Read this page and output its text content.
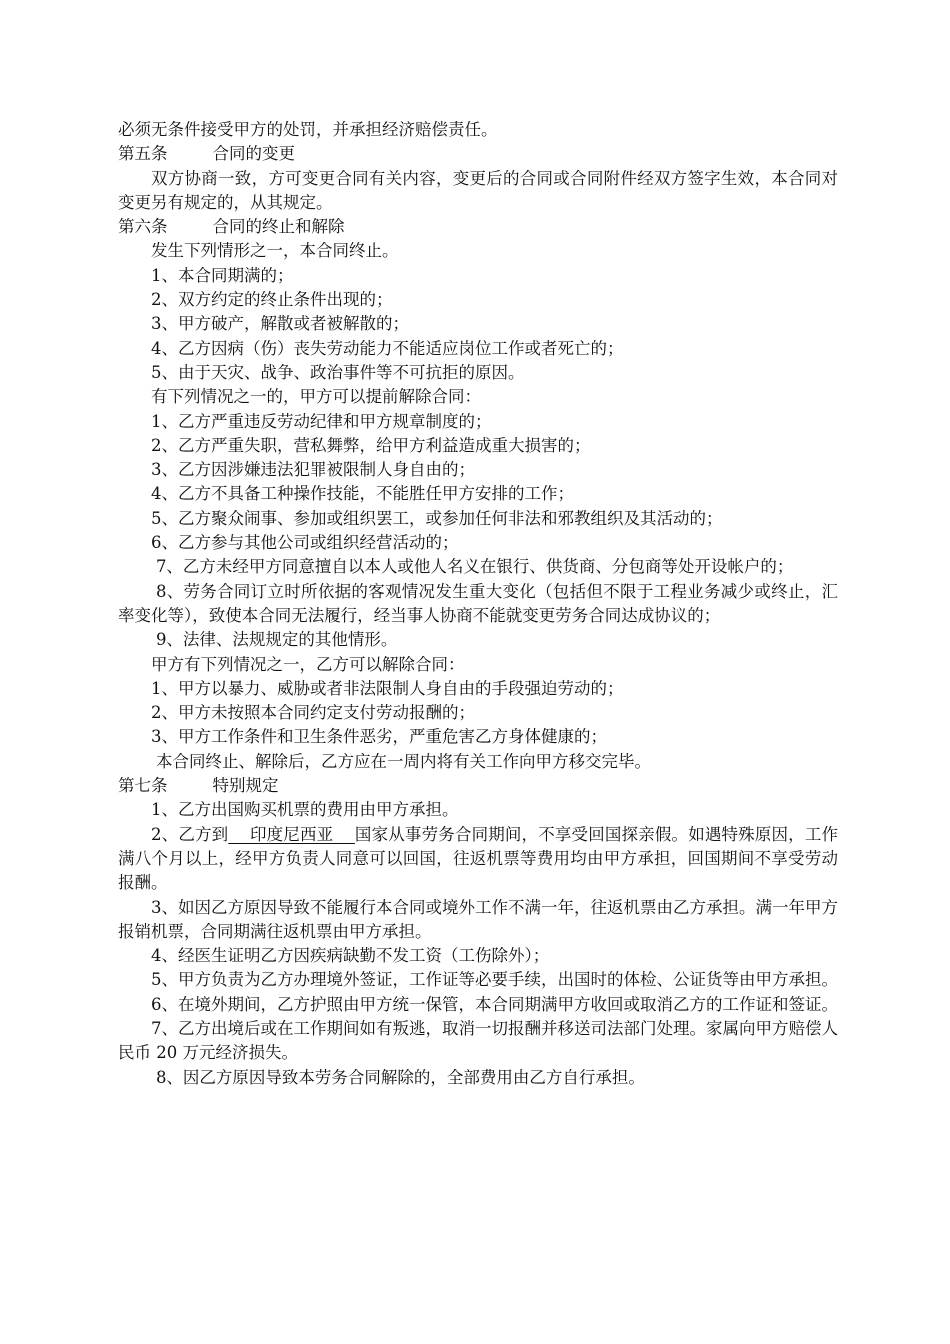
必须无条件接受甲方的处罚，并承担经济赔偿责任。

第五条	合同的变更

双方协商一致，方可变更合同有关内容，变更后的合同或合同附件经双方签字生效，本合同对变更另有规定的，从其规定。

第六条	合同的终止和解除

发生下列情形之一，本合同终止。

1、本合同期满的；

2、双方约定的终止条件出现的；

3、甲方破产，解散或者被解散的；

4、乙方因病（伤）丧失劳动能力不能适应岗位工作或者死亡的；

5、由于天灾、战争、政治事件等不可抗拒的原因。

有下列情况之一的，甲方可以提前解除合同：

1、乙方严重违反劳动纪律和甲方规章制度的；

2、乙方严重失职，营私舞弊，给甲方利益造成重大损害的；

3、乙方因涉嫌违法犯罪被限制人身自由的；

4、乙方不具备工种操作技能，不能胜任甲方安排的工作；

5、乙方聚众闹事、参加或组织罢工，或参加任何非法和邪教组织及其活动的；

6、乙方参与其他公司或组织经营活动的；

7、乙方未经甲方同意擅自以本人或他人名义在银行、供货商、分包商等处开设帐户的；

8、劳务合同订立时所依据的客观情况发生重大变化（包括但不限于工程业务减少或终止，汇率变化等），致使本合同无法履行，经当事人协商不能就变更劳务合同达成协议的；

9、法律、法规规定的其他情形。

甲方有下列情况之一，乙方可以解除合同：

1、甲方以暴力、威胁或者非法限制人身自由的手段强迫劳动的；

2、甲方未按照本合同约定支付劳动报酬的；

3、甲方工作条件和卫生条件恶劣，严重危害乙方身体健康的；

本合同终止、解除后，乙方应在一周内将有关工作向甲方移交完毕。

第七条	特别规定

1、乙方出国购买机票的费用由甲方承担。

2、乙方到    印度尼西亚    国家从事劳务合同期间，不享受回国探亲假。如遇特殊原因，工作满八个月以上，经甲方负责人同意可以回国，往返机票等费用均由甲方承担，回国期间不享受劳动报酬。

3、如因乙方原因导致不能履行本合同或境外工作不满一年，往返机票由乙方承担。满一年甲方报销机票，合同期满往返机票由甲方承担。

4、经医生证明乙方因疾病缺勤不发工资（工伤除外）；

5、甲方负责为乙方办理境外签证，工作证等必要手续，出国时的体检、公证货等由甲方承担。

6、在境外期间，乙方护照由甲方统一保管，本合同期满甲方收回或取消乙方的工作证和签证。

7、乙方出境后或在工作期间如有叛逃，取消一切报酬并移送司法部门处理。家属向甲方赔偿人民币 20 万元经济损失。

8、因乙方原因导致本劳务合同解除的，全部费用由乙方自行承担。
